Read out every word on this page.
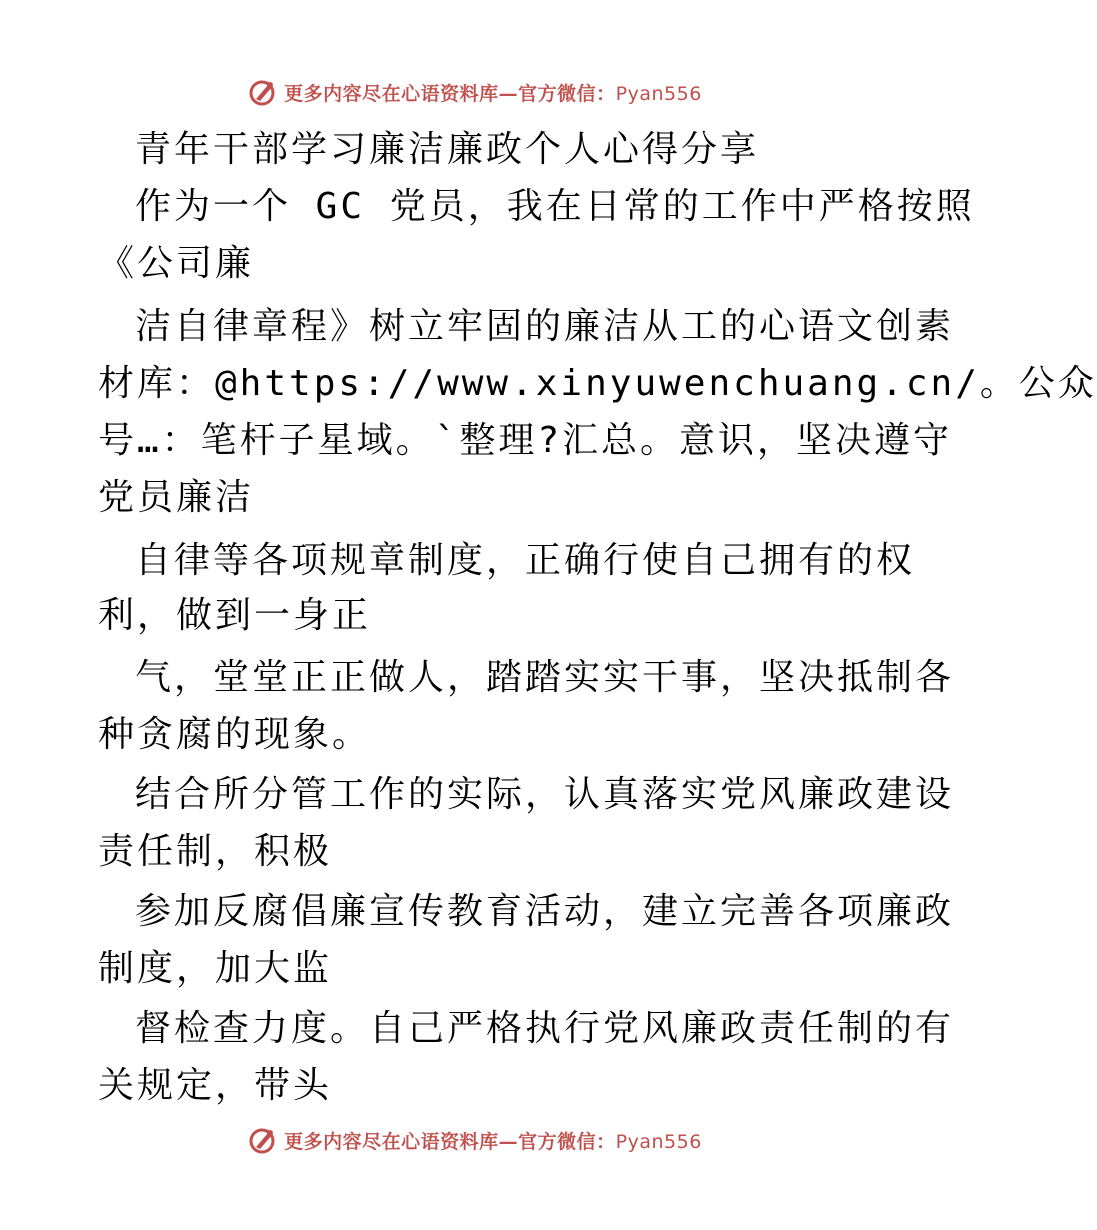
更多内容尽在心语资料库—官方微信：Pyan556
青年干部学习廉洁廉政个人心得分享
作为一个 GC 党员，我在日常的工作中严格按照
《公司廉
洁自律章程》树立牢固的廉洁从工的心语文创素
材库：@https://www.xinyuwenchuang.cn/。公众
号…：笔杆子星域。`整理?汇总。意识，坚决遵守
党员廉洁
自律等各项规章制度，正确行使自己拥有的权
利，做到一身正
气，堂堂正正做人，踏踏实实干事，坚决抵制各
种贪腐的现象。
结合所分管工作的实际，认真落实党风廉政建设
责任制，积极
参加反腐倡廉宣传教育活动，建立完善各项廉政
制度，加大监
督检查力度。自己严格执行党风廉政责任制的有
关规定，带头
更多内容尽在心语资料库—官方微信：Pyan556
